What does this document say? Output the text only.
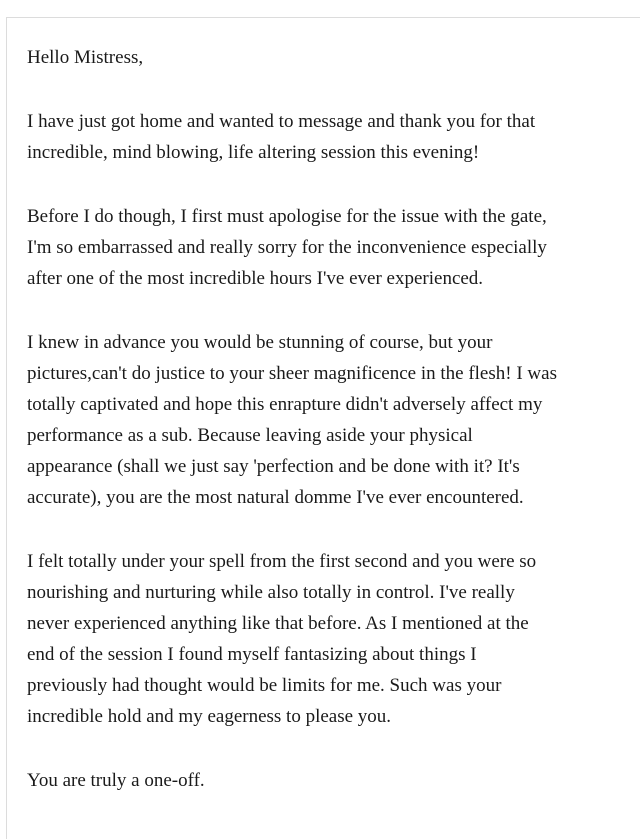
Hello Mistress,

I have just got home and wanted to message and thank you for that
incredible, mind blowing, life altering session this evening!

Before I do though, I first must apologise for the issue with the gate,
I'm so embarrassed and really sorry for the inconvenience especially
after one of the most incredible hours I've ever experienced.

I knew in advance you would be stunning of course, but your
pictures,can't do justice to your sheer magnificence in the flesh! I was
totally captivated and hope this enrapture didn't adversely affect my
performance as a sub. Because leaving aside your physical
appearance (shall we just say 'perfection and be done with it? It's
accurate), you are the most natural domme I've ever encountered.

I felt totally under your spell from the first second and you were so
nourishing and nurturing while also totally in control. I've really
never experienced anything like that before. As I mentioned at the
end of the session I found myself fantasizing about things I
previously had thought would be limits for me. Such was your
incredible hold and my eagerness to please you.

You are truly a one-off.
